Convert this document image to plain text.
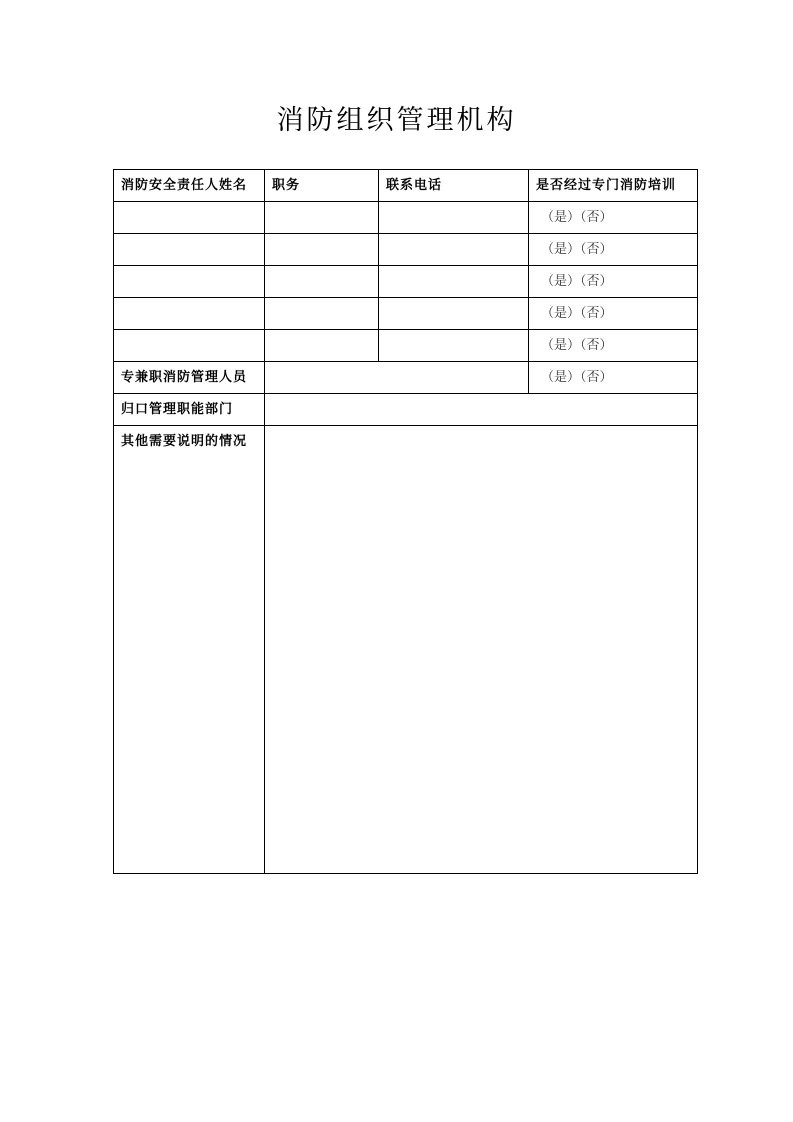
消防组织管理机构
消防安全责任人姓名	职务	联系电话	是否经过专门消防培训
			（是）（否）
			（是）（否）
			（是）（否）
			（是）（否）
			（是）（否）
专兼职消防管理人员			（是）（否）
归口管理职能部门			
其他需要说明的情况			
